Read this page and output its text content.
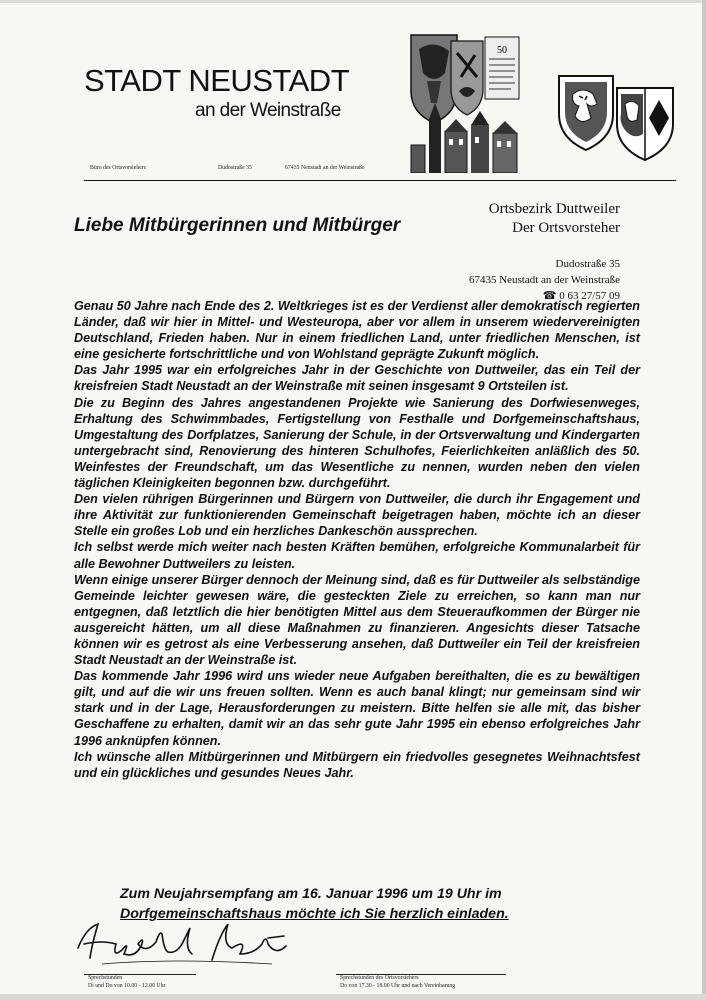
STADT NEUSTADT
an der Weinstraße
50
Büro des Ortsvorstehers	Dudostraße 35	67435 Neustadt an der Weinstraße
Liebe Mitbürgerinnen und Mitbürger
Ortsbezirk Duttweiler
Der Ortsvorsteher
Dudostraße 35
67435 Neustadt an der Weinstraße
☎ 0 63 27/57 09

Genau 50 Jahre nach Ende des 2. Weltkrieges ist es der Verdienst aller demokratisch regierten Länder, daß wir hier in Mittel- und Westeuropa, aber vor allem in unserem wiedervereinigten Deutschland, Frieden haben. Nur in einem friedlichen Land, unter friedlichen Menschen, ist eine gesicherte fortschrittliche und von Wohlstand geprägte Zukunft möglich.

Das Jahr 1995 war ein erfolgreiches Jahr in der Geschichte von Duttweiler, das ein Teil der kreisfreien Stadt Neustadt an der Weinstraße mit seinen insgesamt 9 Ortsteilen ist.

Die zu Beginn des Jahres angestandenen Projekte wie Sanierung des Dorfwiesenweges, Erhaltung des Schwimmbades, Fertigstellung von Festhalle und Dorfgemeinschaftshaus, Umgestaltung des Dorfplatzes, Sanierung der Schule, in der Ortsverwaltung und Kindergarten untergebracht sind, Renovierung des hinteren Schulhofes, Feierlichkeiten anläßlich des 50. Weinfestes der Freundschaft, um das Wesentliche zu nennen, wurden neben den vielen täglichen Kleinigkeiten begonnen bzw. durchgeführt.

Den vielen rührigen Bürgerinnen und Bürgern von Duttweiler, die durch ihr Engagement und ihre Aktivität zur funktionierenden Gemeinschaft beigetragen haben, möchte ich an dieser Stelle ein großes Lob und ein herzliches Dankeschön aussprechen.

Ich selbst werde mich weiter nach besten Kräften bemühen, erfolgreiche Kommunalarbeit für alle Bewohner Duttweilers zu leisten.

Wenn einige unserer Bürger dennoch der Meinung sind, daß es für Duttweiler als selbständige Gemeinde leichter gewesen wäre, die gesteckten Ziele zu erreichen, so kann man nur entgegnen, daß letztlich die hier benötigten Mittel aus dem Steueraufkommen der Bürger nie ausgereicht hätten, um all diese Maßnahmen zu finanzieren. Angesichts dieser Tatsache können wir es getrost als eine Verbesserung ansehen, daß Duttweiler ein Teil der kreisfreien Stadt Neustadt an der Weinstraße ist.

Das kommende Jahr 1996 wird uns wieder neue Aufgaben bereithalten, die es zu bewältigen gilt, und auf die wir uns freuen sollten. Wenn es auch banal klingt; nur gemeinsam sind wir stark und in der Lage, Herausforderungen zu meistern. Bitte helfen sie alle mit, das bisher Geschaffene zu erhalten, damit wir an das sehr gute Jahr 1995 ein ebenso erfolgreiches Jahr 1996 anknüpfen können.

Ich wünsche allen Mitbürgerinnen und Mitbürgern ein friedvolles gesegnetes Weihnachtsfest und ein glückliches und gesundes Neues Jahr.

Zum Neujahrsempfang am 16. Januar 1996 um 19 Uhr im
Dorfgemeinschaftshaus möchte ich Sie herzlich einladen.
Sprechstunden
Di und Do von 10.00 - 12.00 Uhr
Sprechstunden des Ortsvorstehers
Do von 17.30 - 18.00 Uhr und nach Vereinbarung
